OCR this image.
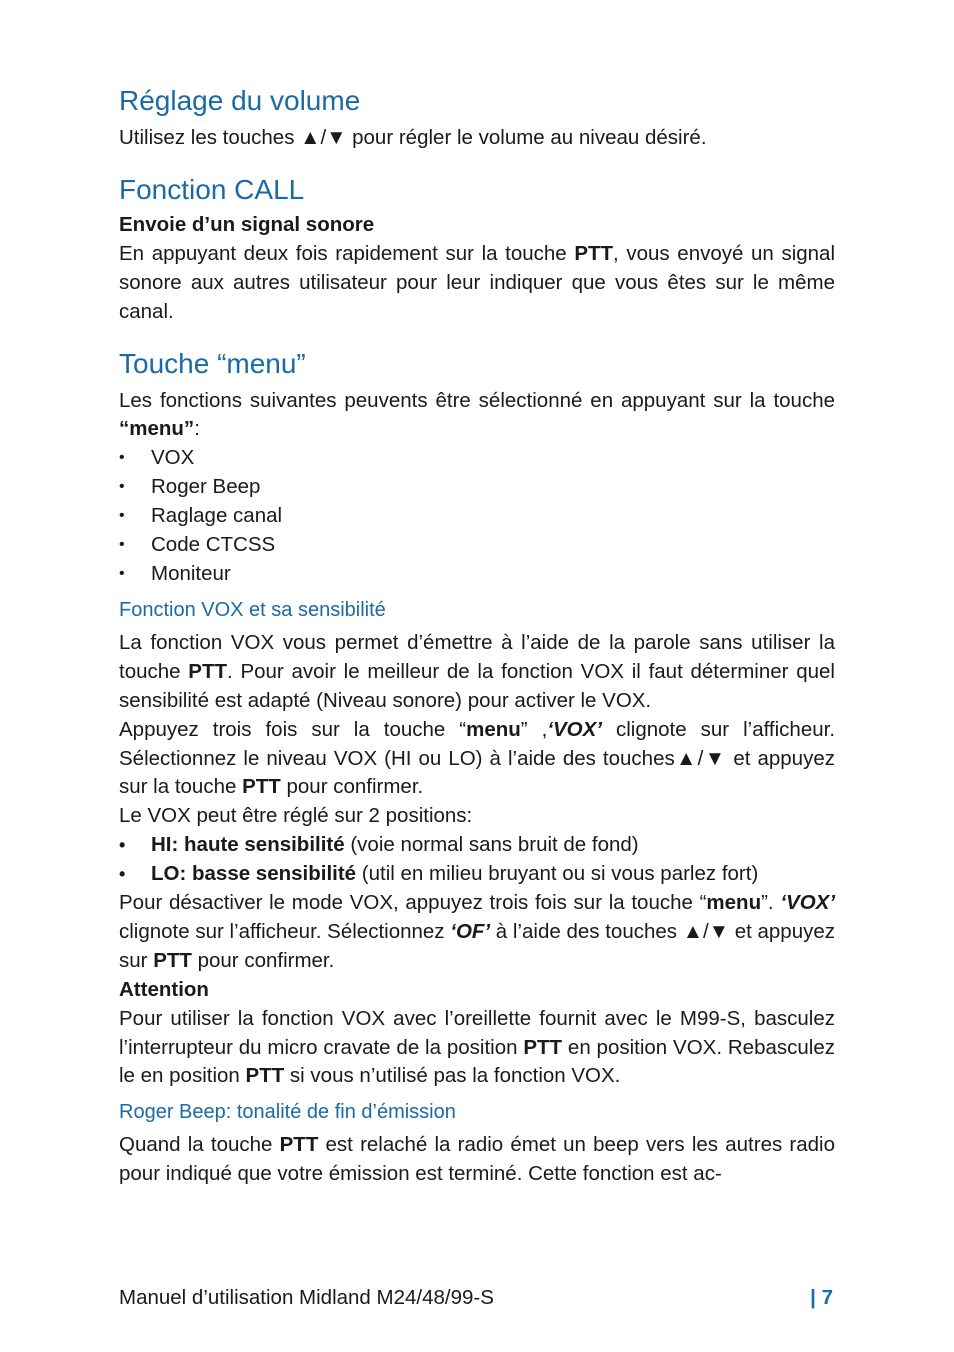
Réglage du volume

Utilisez les touches ▲/▼ pour régler le volume au niveau désiré.

Fonction CALL

Envoie d’un signal sonore

En appuyant deux fois rapidement sur la touche PTT, vous envoyé un signal sonore aux autres utilisateur pour leur indiquer que vous êtes sur le même canal.

Touche “menu”

Les fonctions suivantes peuvents être sélectionné en appuyant sur la touche “menu”:

• VOX
• Roger Beep
• Raglage canal
• Code CTCSS
• Moniteur
Fonction VOX et sa sensibilité

La fonction VOX vous permet d’émettre à l’aide de la parole sans utiliser la touche PTT. Pour avoir le meilleur de la fonction VOX il faut déterminer quel sensibilité est adapté (Niveau sonore) pour activer le VOX.

Appuyez trois fois sur la touche “menu” ,‘VOX’ clignote sur l’afficheur. Sélectionnez le niveau VOX (HI ou LO) à l’aide des touches▲/▼ et appuyez sur la touche PTT pour confirmer.

Le VOX peut être réglé sur 2 positions:

• HI: haute sensibilité (voie normal sans bruit de fond)
• LO: basse sensibilité (util en milieu bruyant ou si vous parlez fort)

Pour désactiver le mode VOX, appuyez trois fois sur la touche “menu”. ‘VOX’ clignote sur l’afficheur. Sélectionnez ‘OF’ à l’aide des touches ▲/▼ et appuyez sur PTT pour confirmer.

Attention

Pour utiliser la fonction VOX avec l’oreillette fournit avec le M99-S, basculez l’interrupteur du micro cravate de la position PTT en position VOX. Rebasculez le en position PTT si vous n’utilisé pas la fonction VOX.

Roger Beep: tonalité de fin d’émission

Quand la touche PTT est relaché la radio émet un beep vers les autres radio pour indiqué que votre émission est terminé. Cette fonction est ac-

Manuel d’utilisation Midland M24/48/99-S	| 7
